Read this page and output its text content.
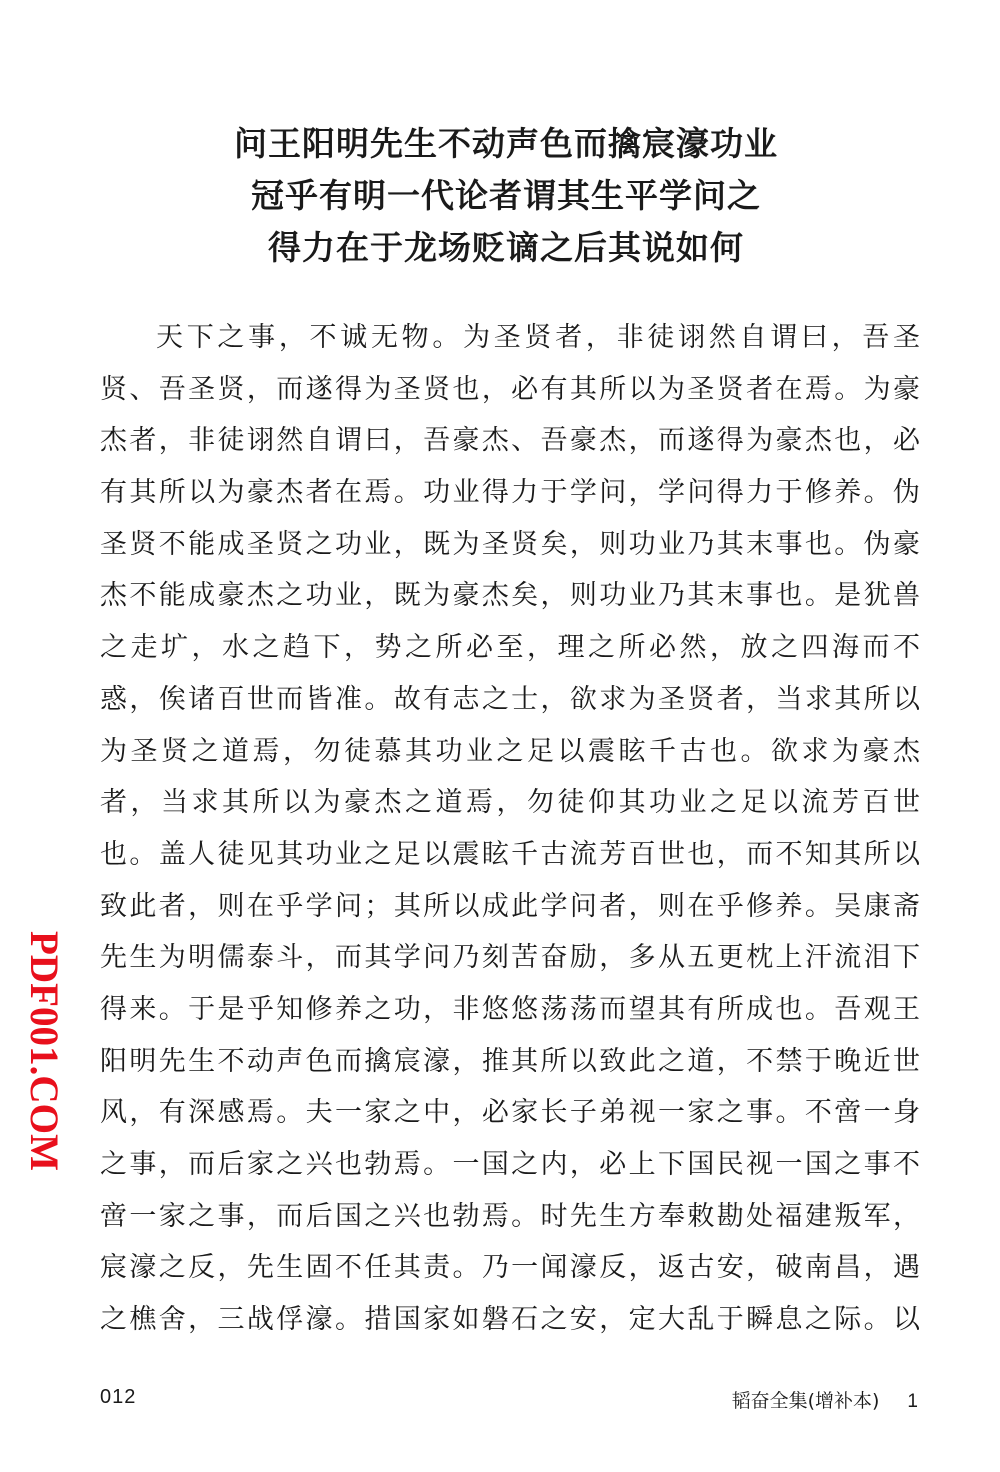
问王阳明先生不动声色而擒宸濠功业
冠乎有明一代论者谓其生平学问之
得力在于龙场贬谪之后其说如何
天下之事，不诚无物。为圣贤者，非徒诩然自谓曰，吾圣
贤、吾圣贤，而遂得为圣贤也，必有其所以为圣贤者在焉。为豪
杰者，非徒诩然自谓曰，吾豪杰、吾豪杰，而遂得为豪杰也，必
有其所以为豪杰者在焉。功业得力于学问，学问得力于修养。伪
圣贤不能成圣贤之功业，既为圣贤矣，则功业乃其末事也。伪豪
杰不能成豪杰之功业，既为豪杰矣，则功业乃其末事也。是犹兽
之走圹，水之趋下，势之所必至，理之所必然，放之四海而不
惑，俟诸百世而皆准。故有志之士，欲求为圣贤者，当求其所以
为圣贤之道焉，勿徒慕其功业之足以震眩千古也。欲求为豪杰
者，当求其所以为豪杰之道焉，勿徒仰其功业之足以流芳百世
也。盖人徒见其功业之足以震眩千古流芳百世也，而不知其所以
致此者，则在乎学问；其所以成此学问者，则在乎修养。吴康斋
先生为明儒泰斗，而其学问乃刻苦奋励，多从五更枕上汗流泪下
得来。于是乎知修养之功，非悠悠荡荡而望其有所成也。吾观王
阳明先生不动声色而擒宸濠，推其所以致此之道，不禁于晚近世
风，有深感焉。夫一家之中，必家长子弟视一家之事。不啻一身
之事，而后家之兴也勃焉。一国之内，必上下国民视一国之事不
啻一家之事，而后国之兴也勃焉。时先生方奉敕勘处福建叛军，
宸濠之反，先生固不任其责。乃一闻濠反，返古安，破南昌，遇
之樵舍，三战俘濠。措国家如磐石之安，定大乱于瞬息之际。以
PDF001.COM
012	韬奋全集(增补本) 1
